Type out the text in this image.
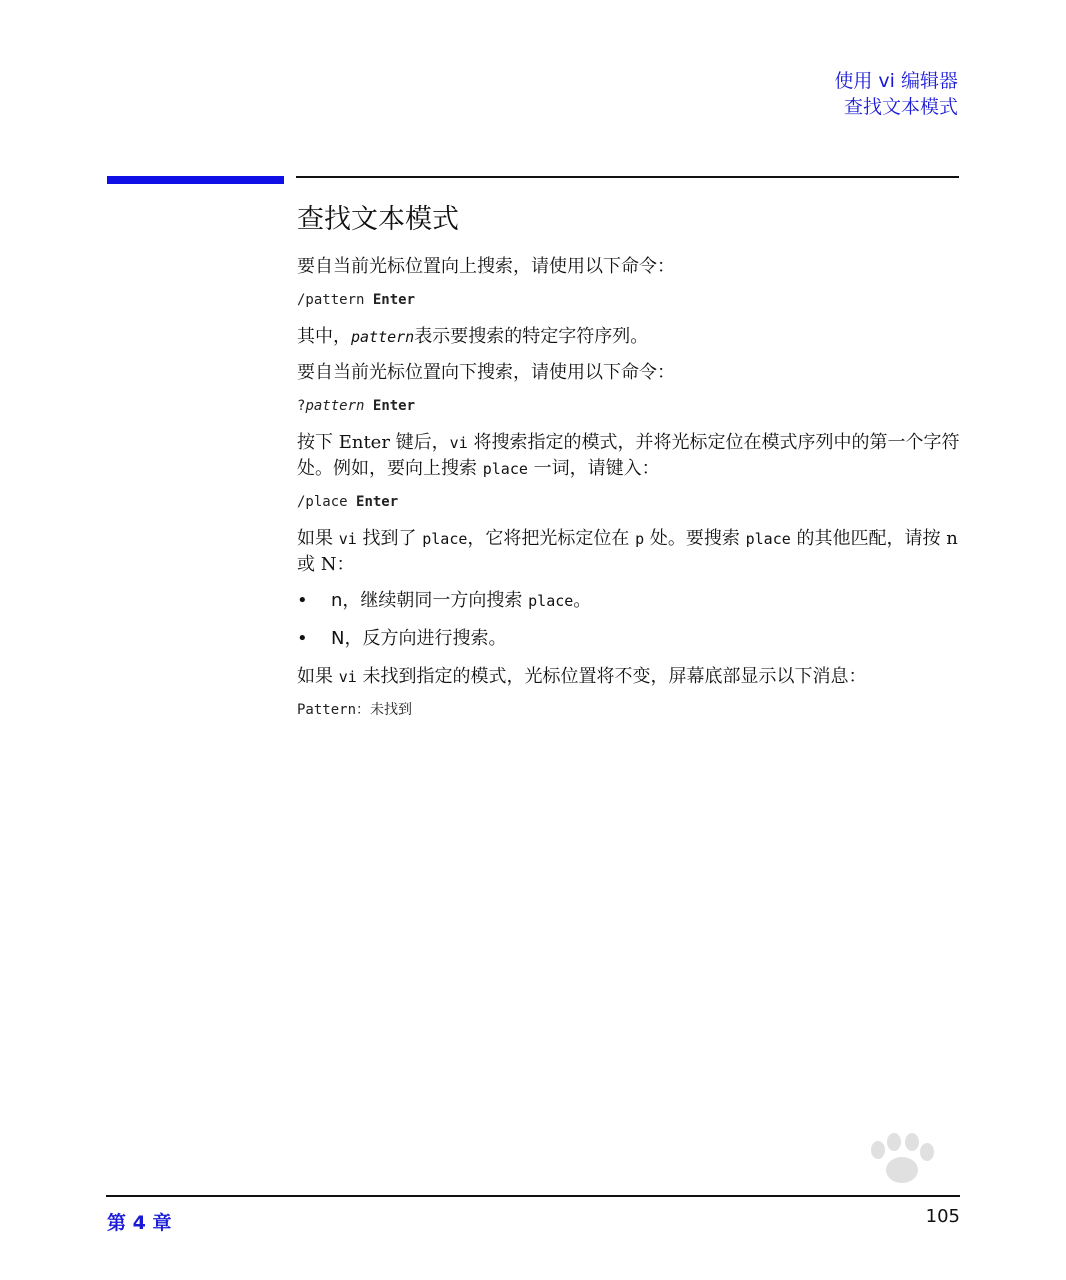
使用 vi 编辑器
查找文本模式
查找文本模式

要自当前光标位置向上搜索，请使用以下命令：

/pattern Enter

其中，pattern表示要搜索的特定字符序列。

要自当前光标位置向下搜索，请使用以下命令：

?pattern Enter

按下 Enter 键后，vi 将搜索指定的模式，并将光标定位在模式序列中的第一个字符处。例如，要向上搜索 place 一词，请键入：

/place Enter

如果 vi 找到了 place，它将把光标定位在 p 处。要搜索 place 的其他匹配，请按 n 或 N：

• n，继续朝同一方向搜索 place。
• N，反方向进行搜索。

如果 vi 未找到指定的模式，光标位置将不变，屏幕底部显示以下消息：

Pattern：未找到
第 4 章	105
